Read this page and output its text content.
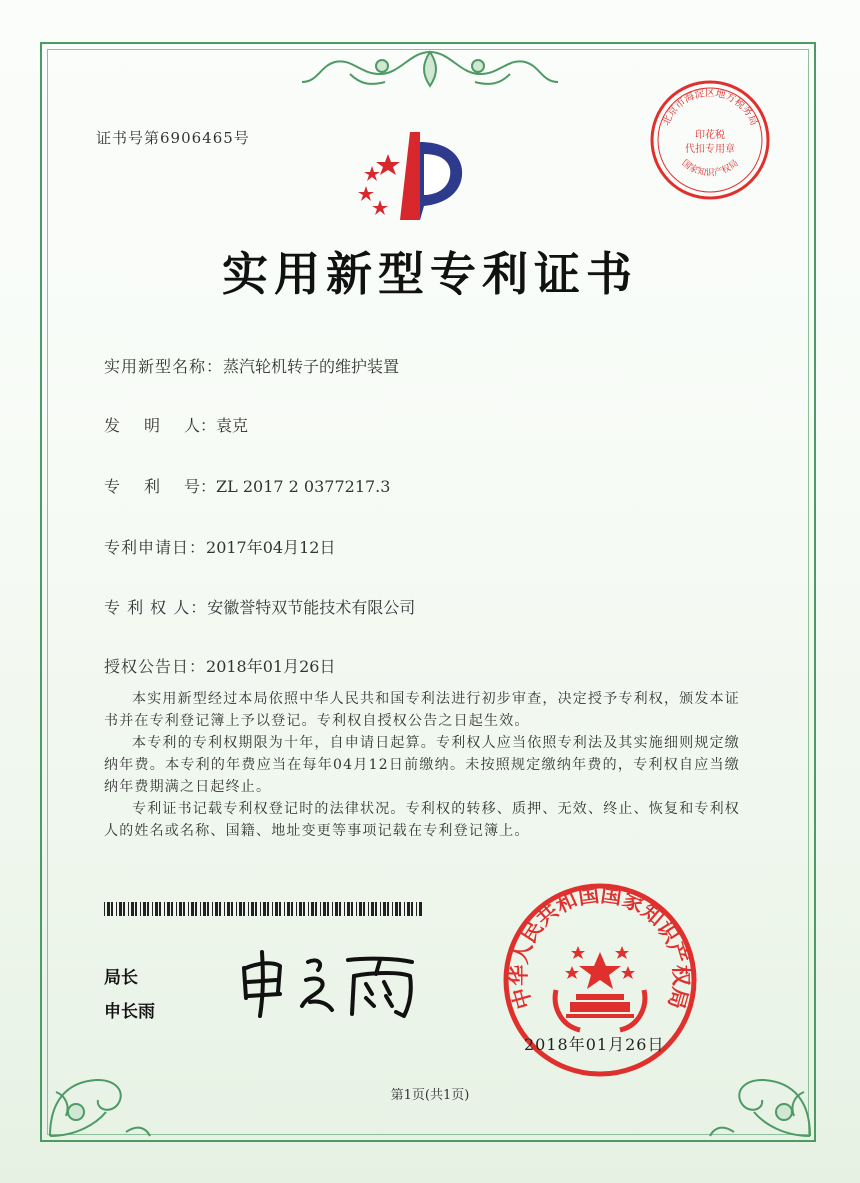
证书号第6906465号
北京市海淀区地方税务局
印花税
代扣专用章
国家知识产权局
实用新型专利证书
实用新型名称：蒸汽轮机转子的维护装置
发 明 人：袁克
专 利 号：ZL 2017 2 0377217.3
专利申请日：2017年04月12日
专 利 权 人：安徽誉特双节能技术有限公司
授权公告日：2018年01月26日

本实用新型经过本局依照中华人民共和国专利法进行初步审查，决定授予专利权，颁发本证书并在专利登记簿上予以登记。专利权自授权公告之日起生效。

本专利的专利权期限为十年，自申请日起算。专利权人应当依照专利法及其实施细则规定缴纳年费。本专利的年费应当在每年04月12日前缴纳。未按照规定缴纳年费的，专利权自应当缴纳年费期满之日起终止。

专利证书记载专利权登记时的法律状况。专利权的转移、质押、无效、终止、恢复和专利权人的姓名或名称、国籍、地址变更等事项记载在专利登记簿上。

局长
申长雨
中华人民共和国国家知识产权局
2018年01月26日
第1页(共1页)
